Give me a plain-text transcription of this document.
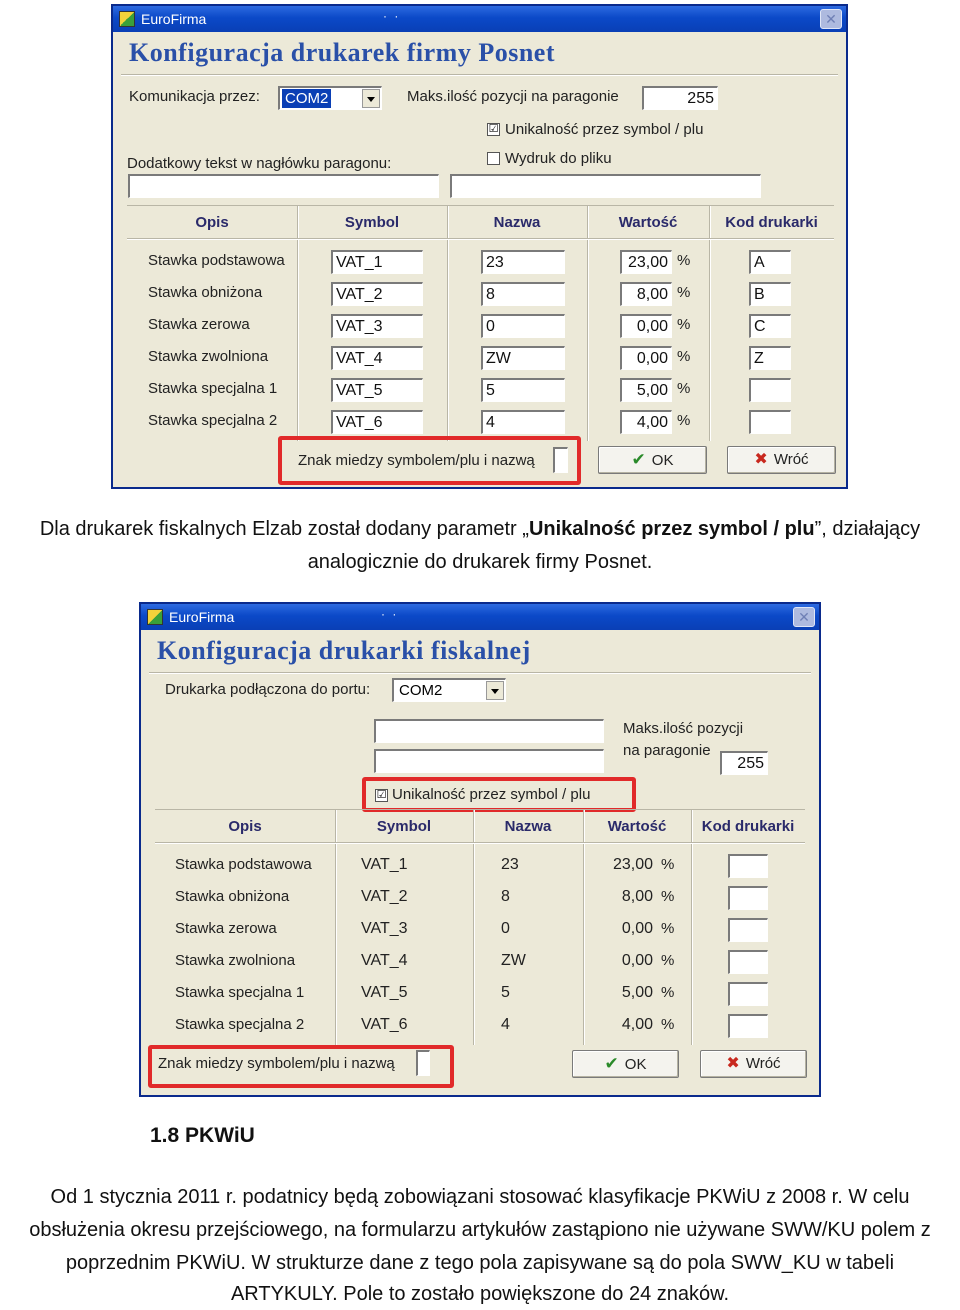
EuroFirma	· ·	✕
Konfiguracja drukarek firmy Posnet
Komunikacja przez: COM2	Maks.ilość pozycji na paragonie	255
☑ Unikalność przez symbol / plu
Wydruk do pliku
Dodatkowy tekst w nagłówku paragonu:
Opis	Symbol	Nazwa	Wartość	Kod drukarki
Stawka podstawowa	VAT_1	23	23,00 %	A
Stawka obniżona	VAT_2	8	8,00 %	B
Stawka zerowa	VAT_3	0	0,00 %	C
Stawka zwolniona	VAT_4	ZW	0,00 %	Z
Stawka specjalna 1	VAT_5	5	5,00 %
Stawka specjalna 2	VAT_6	4	4,00 %
Znak miedzy symbolem/plu i nazwą	✔ OK	✖ Wróć
Dla drukarek fiskalnych Elzab został dodany parametr „Unikalność przez symbol / plu”, działający
analogicznie do drukarek firmy Posnet.
EuroFirma	· ·	✕
Konfiguracja drukarki fiskalnej
Drukarka podłączona do portu: COM2
Maks.ilość pozycji
na paragonie
255
☑ Unikalność przez symbol / plu
Opis	Symbol	Nazwa	Wartość	Kod drukarki
Stawka podstawowa	VAT_1	23	23,00 %
Stawka obniżona	VAT_2	8	8,00 %
Stawka zerowa	VAT_3	0	0,00 %
Stawka zwolniona	VAT_4	ZW	0,00 %
Stawka specjalna 1	VAT_5	5	5,00 %
Stawka specjalna 2	VAT_6	4	4,00 %
Znak miedzy symbolem/plu i nazwą	✔ OK	✖ Wróć
1.8 PKWiU
Od 1 stycznia 2011 r. podatnicy będą zobowiązani stosować klasyfikacje PKWiU z 2008 r. W celu
obsłużenia okresu przejściowego, na formularzu artykułów zastąpiono nie używane SWW/KU polem z
poprzednim PKWiU. W strukturze dane z tego pola zapisywane są do pola SWW_KU w tabeli
ARTYKULY. Pole to zostało powiększone do 24 znaków.
